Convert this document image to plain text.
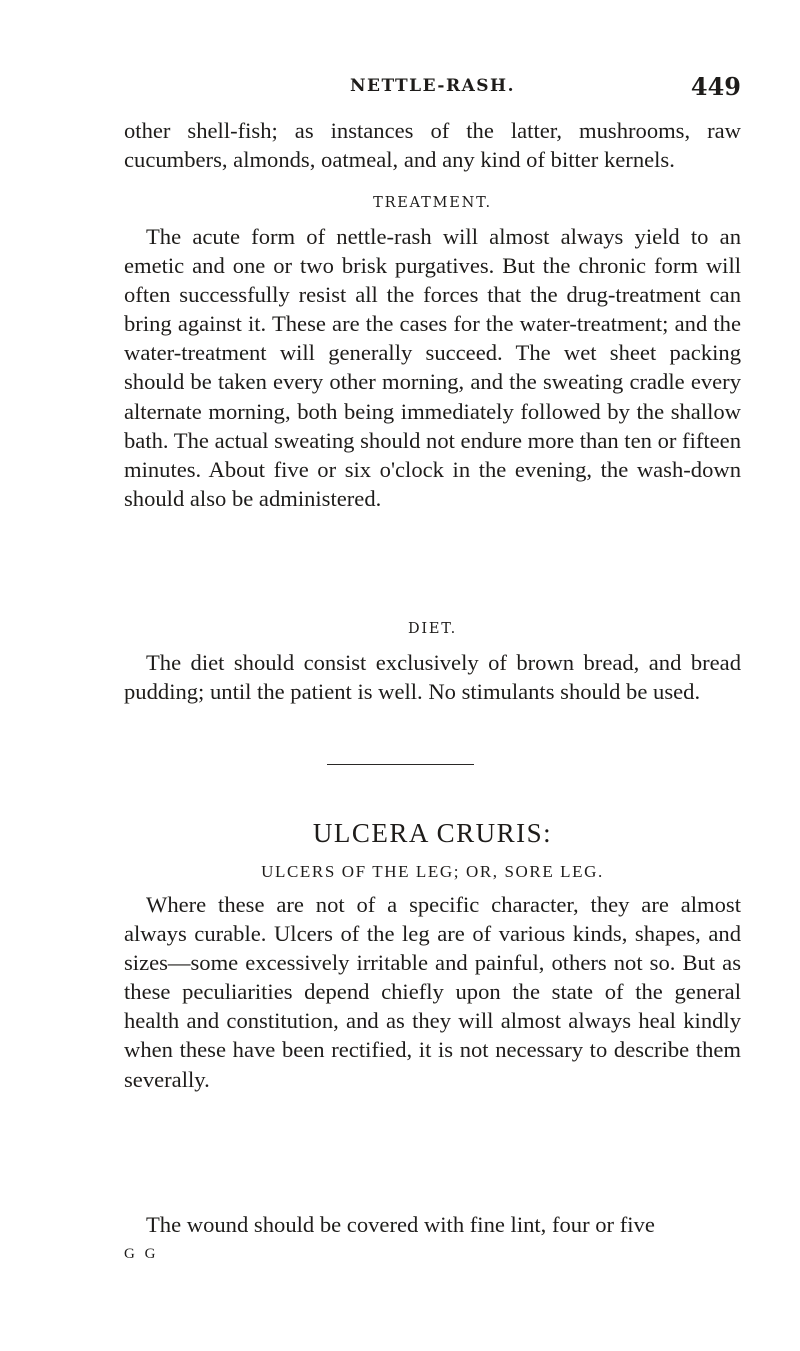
NETTLE-RASH.	449

other shell-fish; as instances of the latter, mushrooms, raw cucumbers, almonds, oatmeal, and any kind of bitter kernels.

TREATMENT.

The acute form of nettle-rash will almost always yield to an emetic and one or two brisk purgatives. But the chronic form will often successfully resist all the forces that the drug-treatment can bring against it. These are the cases for the water-treatment; and the water-treatment will generally succeed. The wet sheet packing should be taken every other morning, and the sweating cradle every alternate morning, both being immediately followed by the shallow bath. The actual sweating should not endure more than ten or fifteen minutes. About five or six o'clock in the evening, the wash-down should also be administered.

DIET.

The diet should consist exclusively of brown bread, and bread pudding; until the patient is well. No stimulants should be used.

ULCERA CRURIS:
ULCERS OF THE LEG; OR, SORE LEG.

Where these are not of a specific character, they are almost always curable. Ulcers of the leg are of various kinds, shapes, and sizes—some excessively irritable and painful, others not so. But as these peculiarities depend chiefly upon the state of the general health and constitution, and as they will almost always heal kindly when these have been rectified, it is not necessary to describe them severally.

The wound should be covered with fine lint, four or five

G G
